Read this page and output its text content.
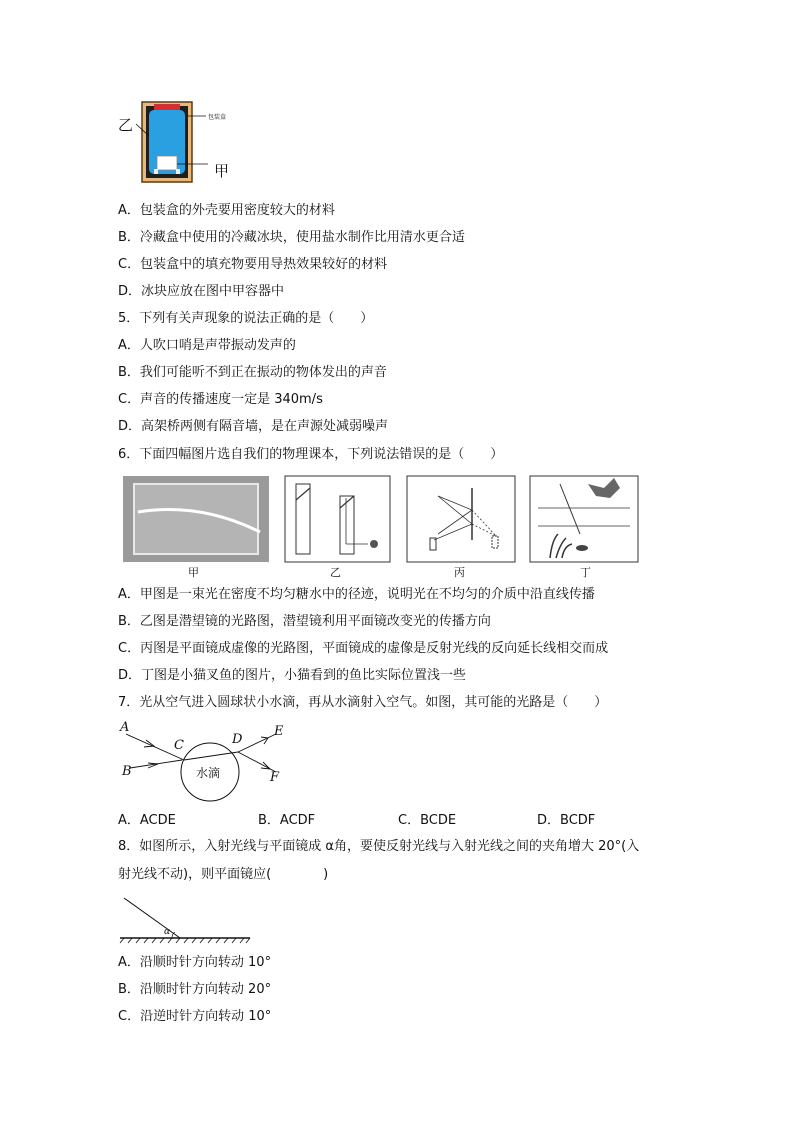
乙	包装盒
甲
A．包装盒的外壳要用密度较大的材料
B．冷藏盒中使用的冷藏冰块，使用盐水制作比用清水更合适
C．包装盒中的填充物要用导热效果较好的材料
D．冰块应放在图中甲容器中
5．下列有关声现象的说法正确的是（　　）
A．人吹口哨是声带振动发声的
B．我们可能听不到正在振动的物体发出的声音
C．声音的传播速度一定是 340m/s
D．高架桥两侧有隔音墙，是在声源处减弱噪声
6．下面四幅图片选自我们的物理课本，下列说法错误的是（　　）
甲	乙	丙	丁
A．甲图是一束光在密度不均匀糖水中的径迹，说明光在不均匀的介质中沿直线传播
B．乙图是潜望镜的光路图，潜望镜利用平面镜改变光的传播方向
C．丙图是平面镜成虚像的光路图，平面镜成的虚像是反射光线的反向延长线相交而成
D．丁图是小猫叉鱼的图片，小猫看到的鱼比实际位置浅一些
7．光从空气进入圆球状小水滴，再从水滴射入空气。如图，其可能的光路是（　　）
A
B
C	D
E
F
水滴
A．ACDE	B．ACDF	C．BCDE	D．BCDF
8．如图所示，入射光线与平面镜成 α角，要使反射光线与入射光线之间的夹角增大 20°(入
射光线不动)，则平面镜应(　　　　)
α
A．沿顺时针方向转动 10°
B．沿顺时针方向转动 20°
C．沿逆时针方向转动 10°
